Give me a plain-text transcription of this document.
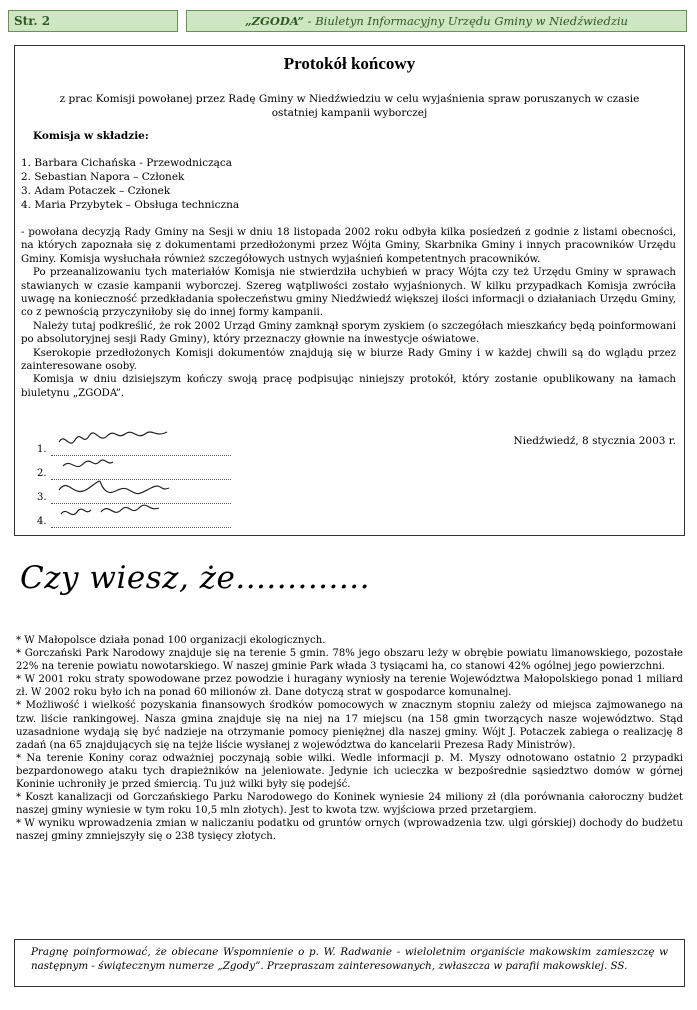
Str. 2	„ZGODA” - Biuletyn Informacyjny Urzędu Gminy w Niedźwiedziu
Protokół końcowy
z prac Komisji powołanej przez Radę Gminy w Niedźwiedziu w celu wyjaśnienia spraw poruszanych w czasie ostatniej kampanii wyborczej
Komisja w składzie:
1. Barbara Cichańska - Przewodnicząca
2. Sebastian Napora – Członek
3. Adam Potaczek – Członek
4. Maria Przybytek – Obsługa techniczna

- powołana decyzją Rady Gminy na Sesji w dniu 18 listopada 2002 roku odbyła kilka posiedzeń z godnie z listami obecności, na których zapoznała się z dokumentami przedłożonymi przez Wójta Gminy, Skarbnika Gminy i innych pracowników Urzędu Gminy. Komisja wysłuchała również szczegółowych ustnych wyjaśnień kompetentnych pracowników.

Po przeanalizowaniu tych materiałów Komisja nie stwierdziła uchybień w pracy Wójta czy też Urzędu Gminy w sprawach stawianych w czasie kampanii wyborczej. Szereg wątpliwości zostało wyjaśnionych. W kilku przypadkach Komisja zwróciła uwagę na konieczność przedkładania społeczeństwu gminy Niedźwiedź większej ilości informacji o działaniach Urzędu Gminy, co z pewnością przyczyniłoby się do innej formy kampanii.

Należy tutaj podkreślić, że rok 2002 Urząd Gminy zamknął sporym zyskiem (o szczegółach mieszkańcy będą poinformowani po absolutoryjnej sesji Rady Gminy), który przeznaczy głownie na inwestycje oświatowe.

Kserokopie przedłożonych Komisji dokumentów znajdują się w biurze Rady Gminy i w każdej chwili są do wglądu przez zainteresowane osoby.

Komisja w dniu dzisiejszym kończy swoją pracę podpisując niniejszy protokół, który zostanie opublikowany na łamach biuletynu „ZGODA”.

Niedźwiedź, 8 stycznia 2003 r.
1.
2.
3.
4.
Czy wiesz, że.............

* W Małopolsce działa ponad 100 organizacji ekologicznych.

* Gorczański Park Narodowy znajduje się na terenie 5 gmin. 78% jego obszaru leży w obrębie powiatu limanowskiego, pozostałe 22% na terenie powiatu nowotarskiego. W naszej gminie Park włada 3 tysiącami ha, co stanowi 42% ogólnej jego powierzchni.

* W 2001 roku straty spowodowane przez powodzie i huragany wyniosły na terenie Województwa Małopolskiego ponad 1 miliard zł. W 2002 roku było ich na ponad 60 milionów zł. Dane dotyczą strat w gospodarce komunalnej.

* Możliwość i wielkość pozyskania finansowych środków pomocowych w znacznym stopniu zależy od miejsca zajmowanego na tzw. liście rankingowej. Nasza gmina znajduje się na niej na 17 miejscu (na 158 gmin tworzących nasze województwo. Stąd uzasadnione wydają się być nadzieje na otrzymanie pomocy pieniężnej dla naszej gminy. Wójt J. Potaczek zabiega o realizację 8 zadań (na 65 znajdujących się na tejże liście wysłanej z województwa do kancelarii Prezesa Rady Ministrów).

* Na terenie Koniny coraz odważniej poczynają sobie wilki. Wedle informacji p. M. Myszy odnotowano ostatnio 2 przypadki bezpardonowego ataku tych drapieżników na jeleniowate. Jedynie ich ucieczka w bezpośrednie sąsiedztwo domów w górnej Koninie uchroniły je przed śmiercią. Tu już wilki były się podejść.

* Koszt kanalizacji od Gorczańskiego Parku Narodowego do Koninek wyniesie 24 miliony zł (dla porównania całoroczny budżet naszej gminy wyniesie w tym roku 10,5 mln złotych). Jest to kwota tzw. wyjściowa przed przetargiem.

* W wyniku wprowadzenia zmian w naliczaniu podatku od gruntów ornych (wprowadzenia tzw. ulgi górskiej) dochody do budżetu naszej gminy zmniejszyły się o 238 tysięcy złotych.

Pragnę poinformować, że obiecane Wspomnienie o p. W. Radwanie - wieloletnim organiście makowskim zamieszczę w następnym - świątecznym numerze „Zgody”. Przepraszam zainteresowanych, zwłaszcza w parafii makowskiej. SS.
